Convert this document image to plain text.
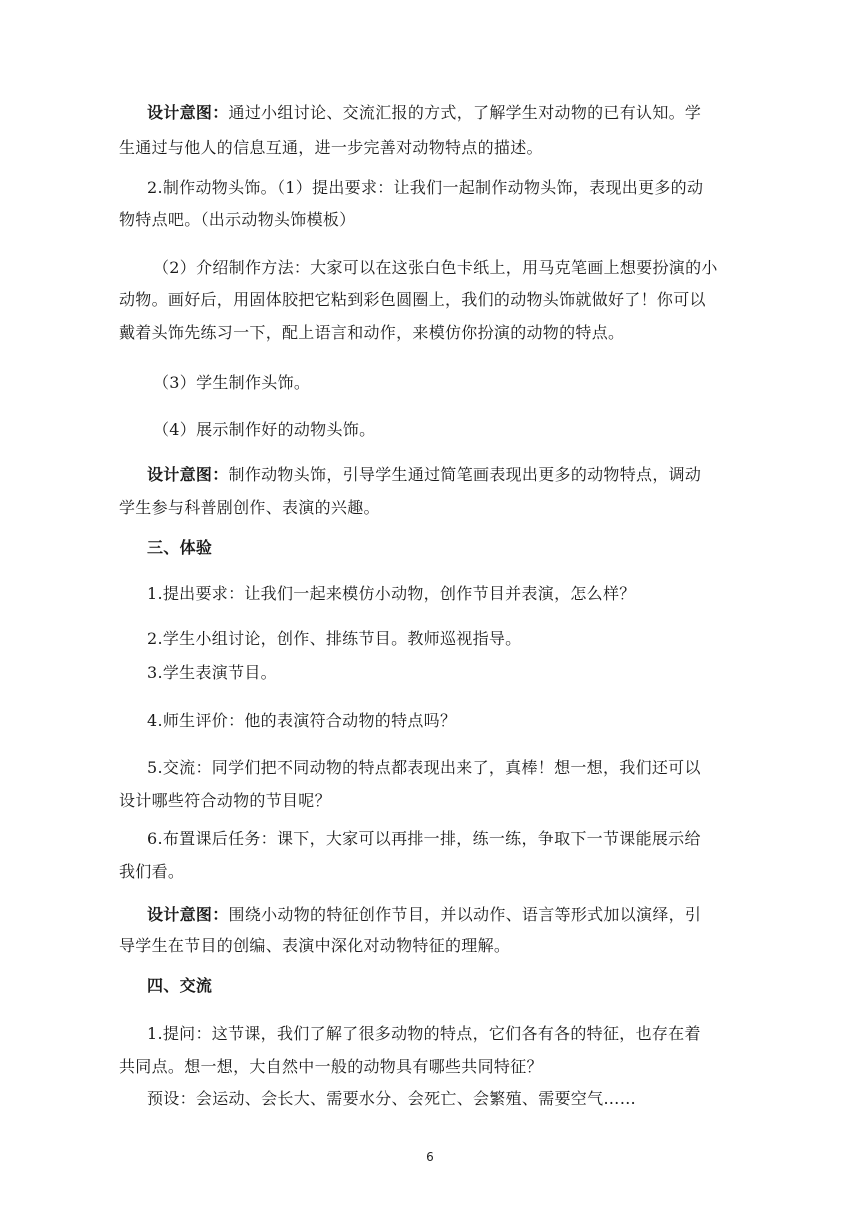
设计意图：通过小组讨论、交流汇报的方式，了解学生对动物的已有认知。学
生通过与他人的信息互通，进一步完善对动物特点的描述。
2.制作动物头饰。（1）提出要求：让我们一起制作动物头饰，表现出更多的动
物特点吧。（出示动物头饰模板）
（2）介绍制作方法：大家可以在这张白色卡纸上，用马克笔画上想要扮演的小
动物。画好后，用固体胶把它粘到彩色圆圈上，我们的动物头饰就做好了！你可以
戴着头饰先练习一下，配上语言和动作，来模仿你扮演的动物的特点。
（3）学生制作头饰。
（4）展示制作好的动物头饰。
设计意图：制作动物头饰，引导学生通过简笔画表现出更多的动物特点，调动
学生参与科普剧创作、表演的兴趣。
三、体验
1.提出要求：让我们一起来模仿小动物，创作节目并表演，怎么样？
2.学生小组讨论，创作、排练节目。教师巡视指导。
3.学生表演节目。
4.师生评价：他的表演符合动物的特点吗？
5.交流：同学们把不同动物的特点都表现出来了，真棒！想一想，我们还可以
设计哪些符合动物的节目呢？
6.布置课后任务：课下，大家可以再排一排，练一练，争取下一节课能展示给
我们看。
设计意图：围绕小动物的特征创作节目，并以动作、语言等形式加以演绎，引
导学生在节目的创编、表演中深化对动物特征的理解。
四、交流
1.提问：这节课，我们了解了很多动物的特点，它们各有各的特征，也存在着
共同点。想一想，大自然中一般的动物具有哪些共同特征？
预设：会运动、会长大、需要水分、会死亡、会繁殖、需要空气……
6
